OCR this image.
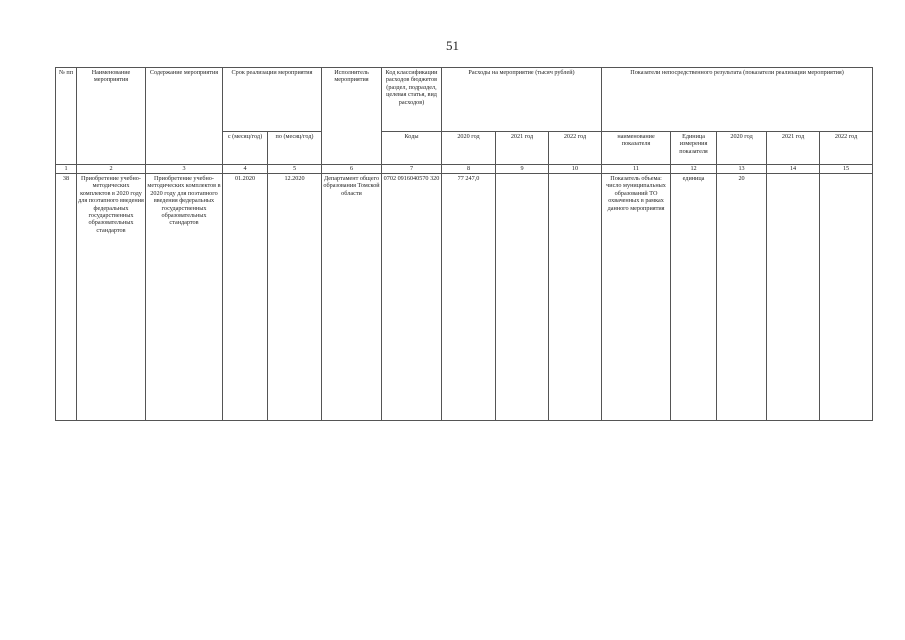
51
№ пп	Наименование мероприятия	Содержание мероприятия	Срок реализации мероприятия		Исполнитель мероприятия	Код классификации расходов бюджетов (раздел, подраздел, целевая статья, вид расходов)	Расходы на мероприятие (тысяч рублей)			Показатели непосредственного результата (показатели реализации мероприятия)				
			с (месяц/год)	по (месяц/год)		Коды	2020 год	2021 год	2022 год	наименование показателя	Единица измерения показателя	2020 год	2021 год	2022 год
1	2	3	4	5	6	7	8	9	10	11	12	13	14	15
38	Приобретение учебно-методических комплектов в 2020 году для поэтапного введения федеральных государственных образовательных стандартов	Приобретение учебно-методических комплектов в 2020 году для поэтапного введения федеральных государственных образовательных стандартов	01.2020	12.2020	Департамент общего образования Томской области	0702 0916040570 320	77 247,0			Показатель объема: число муниципальных образований ТО охваченных в рамках данного мероприятия	единица	20		
